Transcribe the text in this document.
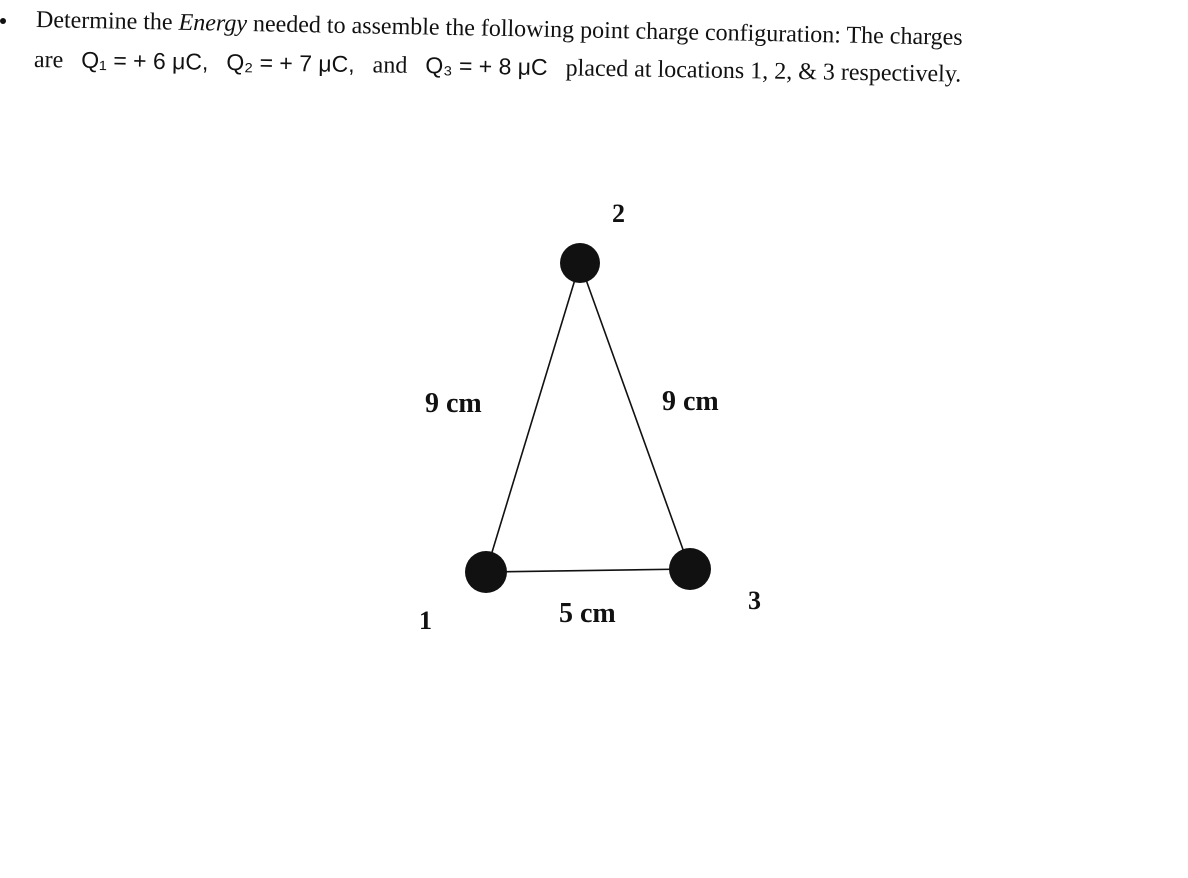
Determine the Energy needed to assemble the following point charge configuration: The charges
are Q₁ = + 6 μC, Q₂ = + 7 μC, and Q₃ = + 8 μC placed at locations 1, 2, & 3 respectively.
2
1
3
9 cm	9 cm
5 cm
